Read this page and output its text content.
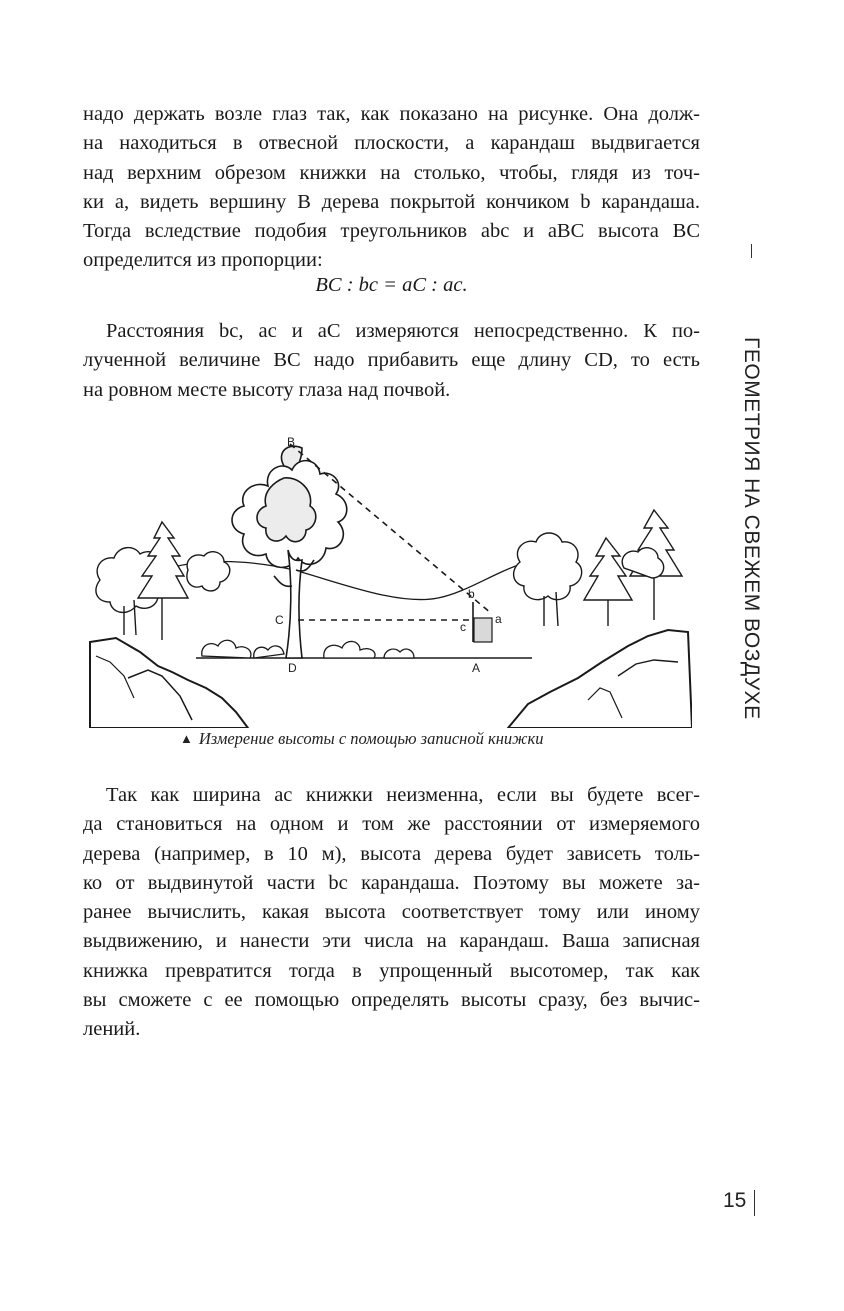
надо держать возле глаз так, как показано на рисунке. Она долж-
на находиться в отвесной плоскости, а карандаш выдвигается
над верхним обрезом книжки на столько, чтобы, глядя из точ-
ки a, видеть вершину B дерева покрытой кончиком b карандаша.
Тогда вследствие подобия треугольников abc и aBC высота BC
определится из пропорции:
BC : bc = aC : ac.
Расстояния bc, ac и aC измеряются непосредственно. К по-
лученной величине BC надо прибавить еще длину CD, то есть
на ровном месте высоту глаза над почвой.
B
C
D	A
a
b
c
▲ Измерение высоты с помощью записной книжки
Так как ширина ас книжки неизменна, если вы будете всег-
да становиться на одном и том же расстоянии от измеряемого
дерева (например, в 10 м), высота дерева будет зависеть толь-
ко от выдвинутой части bc карандаша. Поэтому вы можете за-
ранее вычислить, какая высота соответствует тому или иному
выдвижению, и нанести эти числа на карандаш. Ваша записная
книжка превратится тогда в упрощенный высотомер, так как
вы сможете с ее помощью определять высоты сразу, без вычис-
лений.
ГЕОМЕТРИЯ НА СВЕЖЕМ ВОЗДУХЕ
15
